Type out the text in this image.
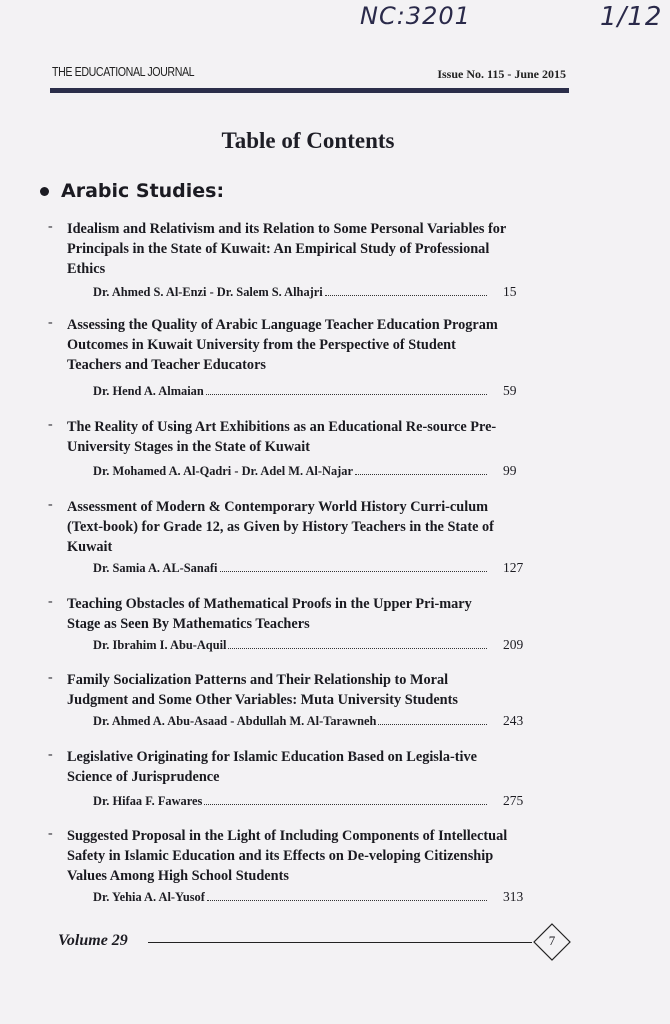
NC:3201	1/12
THE EDUCATIONAL JOURNAL	Issue No. 115 - June 2015
Table of Contents
Arabic Studies:
- Idealism and Relativism and its Relation to Some Personal Variables for Principals in the State of Kuwait: An Empirical Study of Professional Ethics
Dr. Ahmed S. Al-Enzi - Dr. Salem S. Alhajri	15
- Assessing the Quality of Arabic Language Teacher Education Program Outcomes in Kuwait University from the Perspective of Student Teachers and Teacher Educators
Dr. Hend A. Almaian	59
- The Reality of Using Art Exhibitions as an Educational Re-source Pre-University Stages in the State of Kuwait
Dr. Mohamed A. Al-Qadri - Dr. Adel M. Al-Najar	99
- Assessment of Modern & Contemporary World History Curri-culum (Text-book) for Grade 12, as Given by History Teachers in the State of Kuwait
Dr. Samia A. AL-Sanafi	127
- Teaching Obstacles of Mathematical Proofs in the Upper Pri-mary Stage as Seen By Mathematics Teachers
Dr. Ibrahim I. Abu-Aquil	209
- Family Socialization Patterns and Their Relationship to Moral Judgment and Some Other Variables: Muta University Students
Dr. Ahmed A. Abu-Asaad - Abdullah M. Al-Tarawneh	243
- Legislative Originating for Islamic Education Based on Legisla-tive Science of Jurisprudence
Dr. Hifaa F. Fawares	275
- Suggested Proposal in the Light of Including Components of Intellectual Safety in Islamic Education and its Effects on De-veloping Citizenship Values Among High School Students
Dr. Yehia A. Al-Yusof	313
Volume 29	7
